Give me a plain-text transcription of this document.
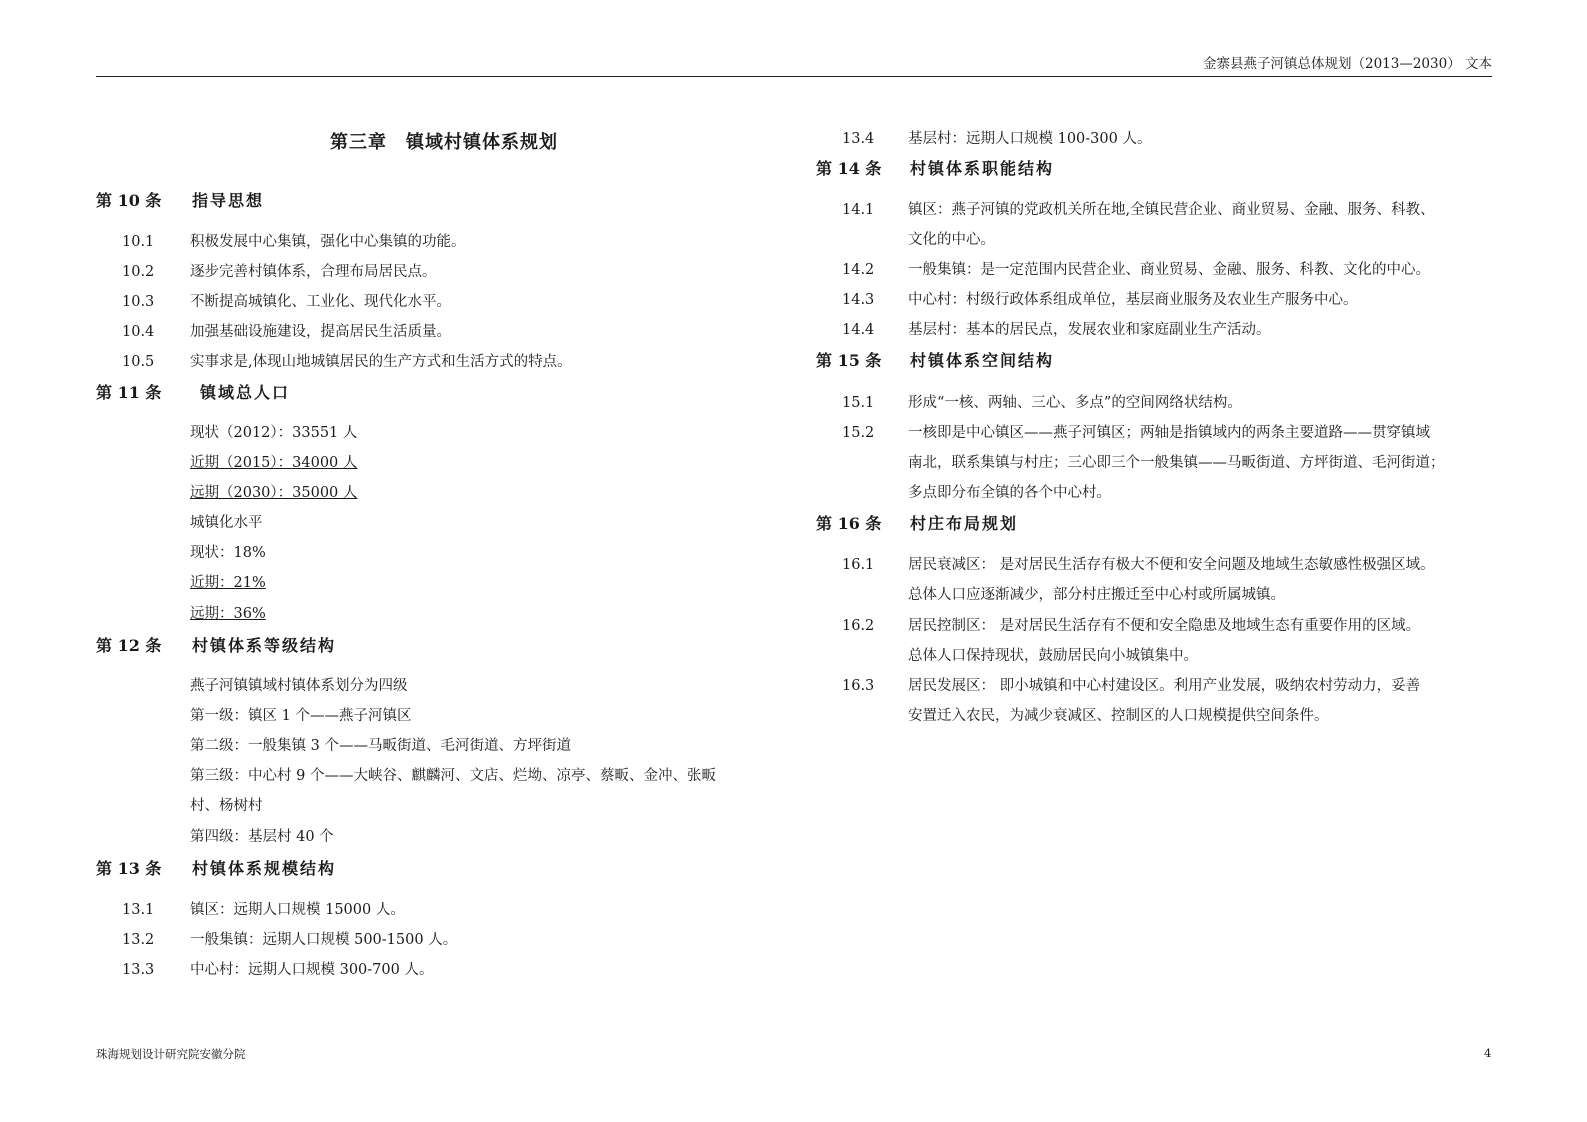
金寨县燕子河镇总体规划（2013—2030） 文本
珠海规划设计研究院安徽分院	4
第三章　镇域村镇体系规划
第 10 条 指导思想
10.1 积极发展中心集镇，强化中心集镇的功能。
10.2 逐步完善村镇体系，合理布局居民点。
10.3 不断提高城镇化、工业化、现代化水平。
10.4 加强基础设施建设，提高居民生活质量。
10.5 实事求是,体现山地城镇居民的生产方式和生活方式的特点。
第 11 条 镇域总人口
现状（2012）：33551 人
近期（2015）：34000 人
远期（2030）：35000 人
城镇化水平
现状：18%
近期：21%
远期：36%
第 12 条 村镇体系等级结构
燕子河镇镇域村镇体系划分为四级
第一级：镇区 1 个——燕子河镇区
第二级：一般集镇 3 个——马畈街道、毛河街道、方坪街道
第三级：中心村 9 个——大峡谷、麒麟河、文店、烂坳、凉亭、蔡畈、金冲、张畈
村、杨树村
第四级：基层村 40 个
第 13 条 村镇体系规模结构
13.1 镇区：远期人口规模 15000 人。
13.2 一般集镇：远期人口规模 500-1500 人。
13.3 中心村：远期人口规模 300-700 人。
13.4 基层村：远期人口规模 100-300 人。
第 14 条 村镇体系职能结构
14.1 镇区：燕子河镇的党政机关所在地,全镇民营企业、商业贸易、金融、服务、科教、
文化的中心。
14.2 一般集镇：是一定范围内民营企业、商业贸易、金融、服务、科教、文化的中心。
14.3 中心村：村级行政体系组成单位，基层商业服务及农业生产服务中心。
14.4 基层村：基本的居民点，发展农业和家庭副业生产活动。
第 15 条 村镇体系空间结构
15.1 形成“一核、两轴、三心、多点”的空间网络状结构。
15.2 一核即是中心镇区——燕子河镇区；两轴是指镇域内的两条主要道路——贯穿镇域
南北，联系集镇与村庄；三心即三个一般集镇——马畈街道、方坪街道、毛河街道；
多点即分布全镇的各个中心村。
第 16 条 村庄布局规划
16.1 居民衰减区： 是对居民生活存有极大不便和安全问题及地域生态敏感性极强区域。
总体人口应逐渐减少，部分村庄搬迁至中心村或所属城镇。
16.2 居民控制区： 是对居民生活存有不便和安全隐患及地域生态有重要作用的区域。
总体人口保持现状，鼓励居民向小城镇集中。
16.3 居民发展区： 即小城镇和中心村建设区。利用产业发展，吸纳农村劳动力，妥善
安置迁入农民，为减少衰减区、控制区的人口规模提供空间条件。
